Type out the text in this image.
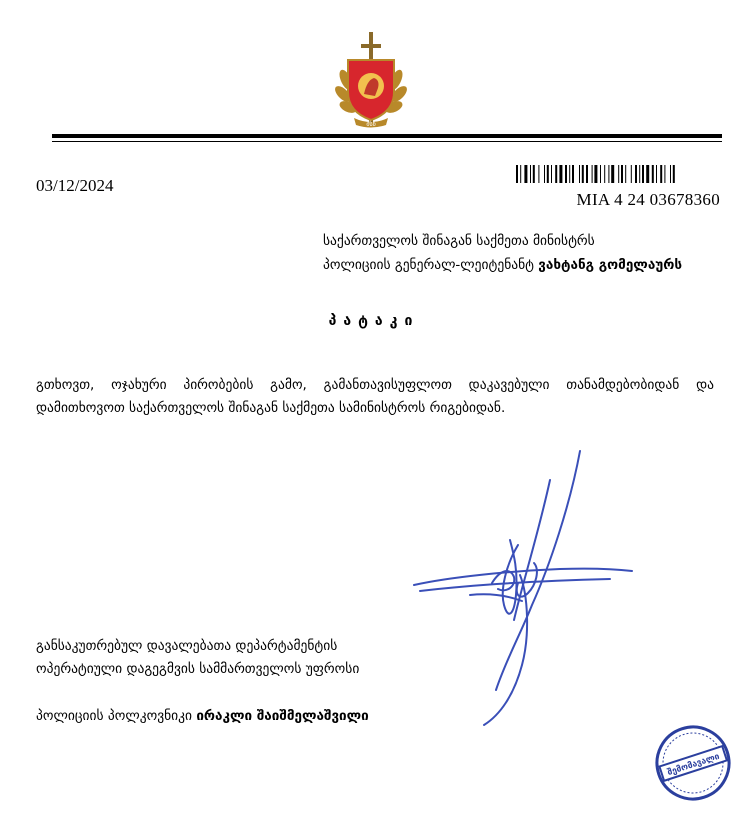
მსწ
03/12/2024
MIA 4 24 03678360
საქართველოს შინაგან საქმეთა მინისტრს
პოლიციის გენერალ-ლეიტენანტ ვახტანგ გომელაურს
პატაკი
გთხოვთ, ოჯახური პირობების გამო, გამანთავისუფლოთ დაკავებული თანამდებობიდან და
დამითხოვოთ საქართველოს შინაგან საქმეთა სამინისტროს რიგებიდან.
განსაკუთრებულ დავალებათა დეპარტამენტის
ოპერატიული დაგეგმვის სამმართველოს უფროსი
პოლიციის პოლკოვნიკი ირაკლი შაიშმელაშვილი
შემომავალი
